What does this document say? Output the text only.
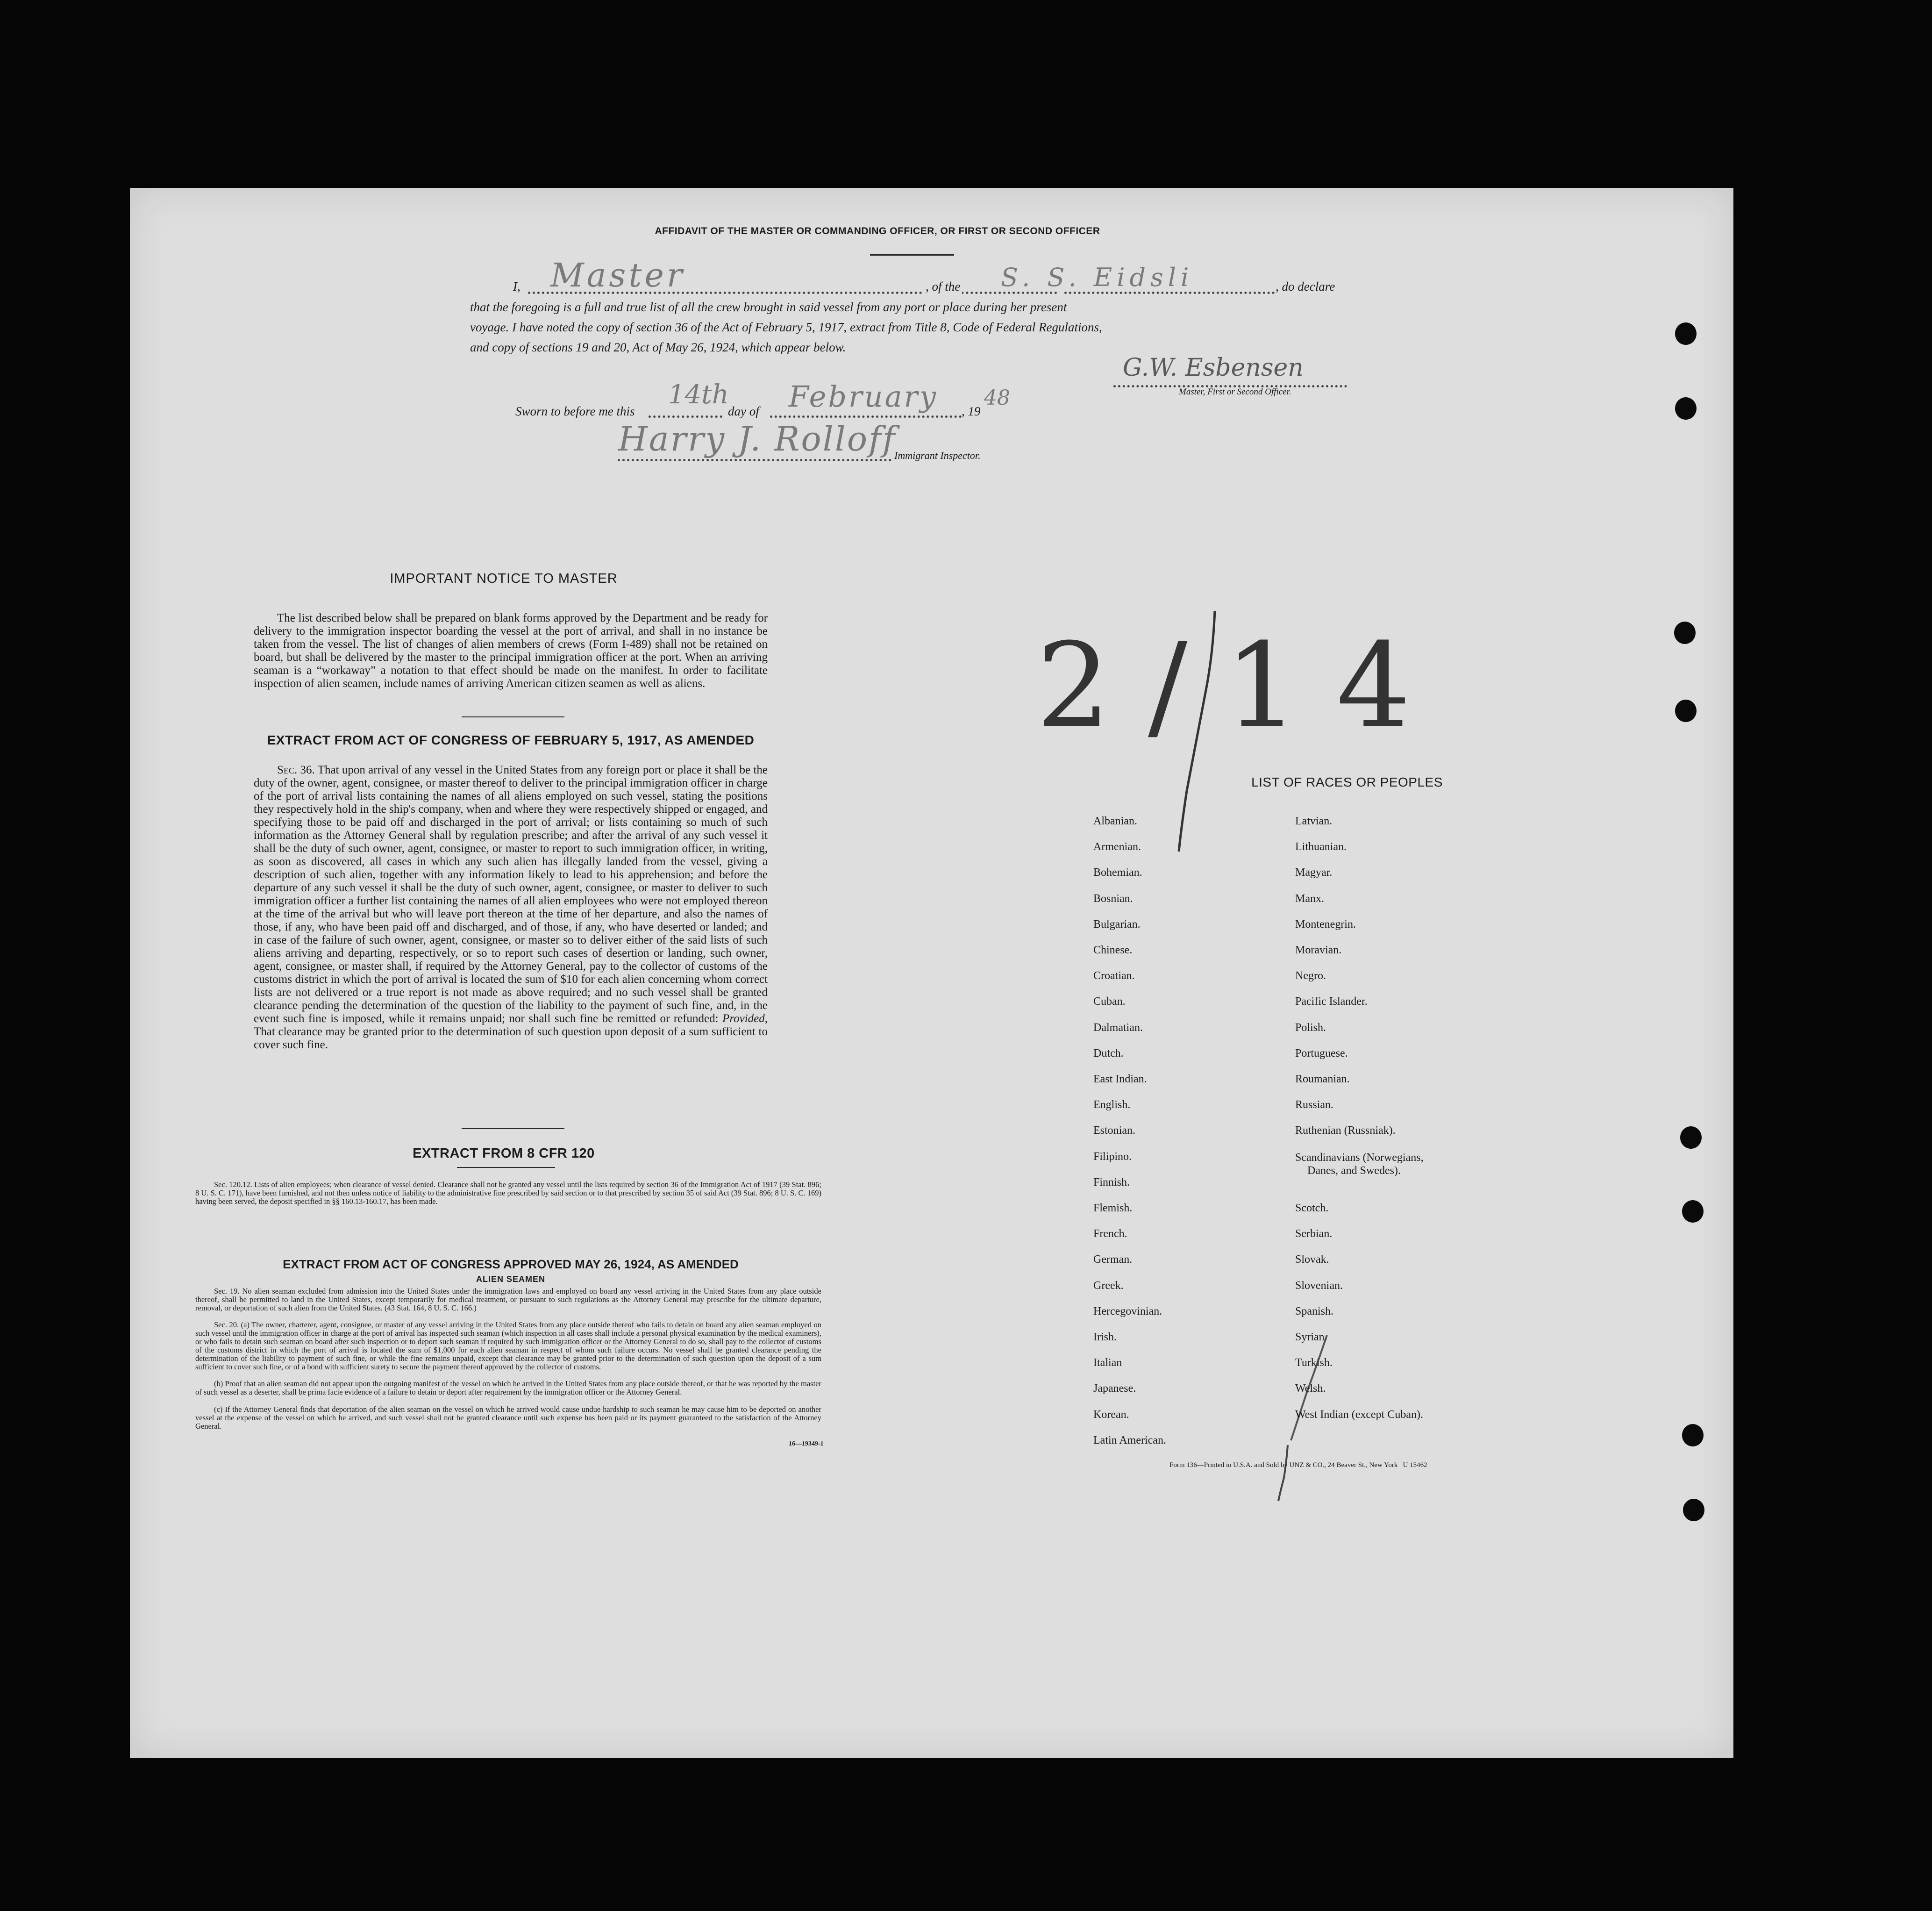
AFFIDAVIT OF THE MASTER OR COMMANDING OFFICER, OR FIRST OR SECOND OFFICER
I, Master	, of the S. S. Eidsli	, do declare
that the foregoing is a full and true list of all the crew brought in said vessel from any port or place during her present
voyage. I have noted the copy of section 36 of the Act of February 5, 1917, extract from Title 8, Code of Federal Regulations,
and copy of sections 19 and 20, Act of May 26, 1924, which appear below.
G.W. Esbensen
Master, First or Second Officer.
Sworn to before me this
14th
day of February , 19
48
Harry J. Rolloff
Immigrant Inspector.
2/14
IMPORTANT NOTICE TO MASTER
The list described below shall be prepared on blank forms approved by the Department and be ready for delivery to the immigration inspector boarding the vessel at the port of arrival, and shall in no instance be taken from the vessel. The list of changes of alien members of crews (Form I-489) shall not be retained on board, but shall be delivered by the master to the principal immigration officer at the port. When an arriving seaman is a “workaway” a notation to that effect should be made on the manifest. In order to facilitate inspection of alien seamen, include names of arriving American citizen seamen as well as aliens.
EXTRACT FROM ACT OF CONGRESS OF FEBRUARY 5, 1917, AS AMENDED
Sec. 36. That upon arrival of any vessel in the United States from any foreign port or place it shall be the duty of the owner, agent, consignee, or master thereof to deliver to the principal immigration officer in charge of the port of arrival lists containing the names of all aliens employed on such vessel, stating the positions they respectively hold in the ship's company, when and where they were respectively shipped or engaged, and specifying those to be paid off and discharged in the port of arrival; or lists containing so much of such information as the Attorney General shall by regulation prescribe; and after the arrival of any such vessel it shall be the duty of such owner, agent, consignee, or master to report to such immigration officer, in writing, as soon as discovered, all cases in which any such alien has illegally landed from the vessel, giving a description of such alien, together with any information likely to lead to his apprehension; and before the departure of any such vessel it shall be the duty of such owner, agent, consignee, or master to deliver to such immigration officer a further list containing the names of all alien employees who were not employed thereon at the time of the arrival but who will leave port thereon at the time of her departure, and also the names of those, if any, who have been paid off and discharged, and of those, if any, who have deserted or landed; and in case of the failure of such owner, agent, consignee, or master so to deliver either of the said lists of such aliens arriving and departing, respectively, or so to report such cases of desertion or landing, such owner, agent, consignee, or master shall, if required by the Attorney General, pay to the collector of customs of the customs district in which the port of arrival is located the sum of $10 for each alien concerning whom correct lists are not delivered or a true report is not made as above required; and no such vessel shall be granted clearance pending the determination of the question of the liability to the payment of such fine, and, in the event such fine is imposed, while it remains unpaid; nor shall such fine be remitted or refunded: Provided, That clearance may be granted prior to the determination of such question upon deposit of a sum sufficient to cover such fine.
EXTRACT FROM 8 CFR 120
Sec. 120.12. Lists of alien employees; when clearance of vessel denied. Clearance shall not be granted any vessel until the lists required by section 36 of the Immigration Act of 1917 (39 Stat. 896; 8 U. S. C. 171), have been furnished, and not then unless notice of liability to the administrative fine prescribed by said section or to that prescribed by section 35 of said Act (39 Stat. 896; 8 U. S. C. 169) having been served, the deposit specified in §§ 160.13-160.17, has been made.
EXTRACT FROM ACT OF CONGRESS APPROVED MAY 26, 1924, AS AMENDED
ALIEN SEAMEN
Sec. 19. No alien seaman excluded from admission into the United States under the immigration laws and employed on board any vessel arriving in the United States from any place outside thereof, shall be permitted to land in the United States, except temporarily for medical treatment, or pursuant to such regulations as the Attorney General may prescribe for the ultimate departure, removal, or deportation of such alien from the United States. (43 Stat. 164, 8 U. S. C. 166.)
Sec. 20. (a) The owner, charterer, agent, consignee, or master of any vessel arriving in the United States from any place outside thereof who fails to detain on board any alien seaman employed on such vessel until the immigration officer in charge at the port of arrival has inspected such seaman (which inspection in all cases shall include a personal physical examination by the medical examiners), or who fails to detain such seaman on board after such inspection or to deport such seaman if required by such immigration officer or the Attorney General to do so, shall pay to the collector of customs of the customs district in which the port of arrival is located the sum of $1,000 for each alien seaman in respect of whom such failure occurs. No vessel shall be granted clearance pending the determination of the liability to payment of such fine, or while the fine remains unpaid, except that clearance may be granted prior to the determination of such question upon the deposit of a sum sufficient to cover such fine, or of a bond with sufficient surety to secure the payment thereof approved by the collector of customs.
(b) Proof that an alien seaman did not appear upon the outgoing manifest of the vessel on which he arrived in the United States from any place outside thereof, or that he was reported by the master of such vessel as a deserter, shall be prima facie evidence of a failure to detain or deport after requirement by the immigration officer or the Attorney General.
(c) If the Attorney General finds that deportation of the alien seaman on the vessel on which he arrived would cause undue hardship to such seaman he may cause him to be deported on another vessel at the expense of the vessel on which he arrived, and such vessel shall not be granted clearance until such expense has been paid or its payment guaranteed to the satisfaction of the Attorney General.
16—19349-1
LIST OF RACES OR PEOPLES
Form 136—Printed in U.S.A. and Sold by UNZ & CO., 24 Beaver St., New York   U 15462
Albanian.
Armenian.
Bohemian.
Bosnian.
Bulgarian.
Chinese.
Croatian.
Cuban.
Dalmatian.
Dutch.
East Indian.
English.
Estonian.
Filipino.
Finnish.
Flemish.
French.
German.
Greek.
Hercegovinian.
Irish.
Italian
Japanese.
Korean.
Latin American.
Latvian.
Lithuanian.
Magyar.
Manx.
Montenegrin.
Moravian.
Negro.
Pacific Islander.
Polish.
Portuguese.
Roumanian.
Russian.
Ruthenian (Russniak).
Scandinavians (Norwegians,
Danes, and Swedes).
Scotch.
Serbian.
Slovak.
Slovenian.
Spanish.
Syrian.
Turkish.
Welsh.
West Indian (except Cuban).
